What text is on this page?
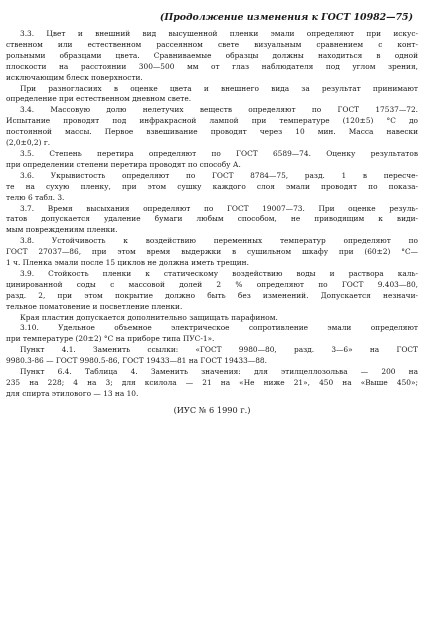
(Продолжение изменения к ГОСТ 10982—75)
3.3. Цвет и внешний вид высушенной пленки эмали определяют при искус-
ственном или естественном рассеянном свете визуальным сравнением с конт-
рольными образцами цвета. Сравниваемые образцы должны находиться в одной
плоскости на расстоянии 300—500 мм от глаз наблюдателя под углом зрения,
исключающим блеск поверхности.
При разногласиях в оценке цвета и внешнего вида за результат принимают
определение при естественном дневном свете.
3.4. Массовую долю нелетучих веществ определяют по ГОСТ 17537—72.
Испытание проводят под инфракрасной лампой при температуре (120±5) °С до
постоянной массы. Первое взвешивание проводят через 10 мин. Масса навески
(2,0±0,2) г.
3.5. Степень перетира определяют по ГОСТ 6589—74. Оценку результатов
при определении степени перетира проводят по способу А.
3.6. Укрывистость определяют по ГОСТ 8784—75, разд. 1 в пересче-
те на сухую пленку, при этом сушку каждого слоя эмали проводят по показа-
телю 6 табл. 3.
3.7. Время высыхания определяют по ГОСТ 19007—73. При оценке резуль-
татов допускается удаление бумаги любым способом, не приводящим к види-
мым повреждениям пленки.
3.8. Устойчивость к воздействию переменных температур определяют по
ГОСТ 27037—86, при этом время выдержки в сушильном шкафу при (60±2) °С—
1 ч. Пленка эмали после 15 циклов не должна иметь трещин.
3.9. Стойкость пленки к статическому воздействию воды и раствора каль-
цинированной соды с массовой долей 2 % определяют по ГОСТ 9.403—80,
разд. 2, при этом покрытие должно быть без изменений. Допускается незначи-
тельное поматовение и посветление пленки.
Края пластин допускается дополнительно защищать парафином.
3.10. Удельное объемное электрическое сопротивление эмали определяют
при температуре (20±2) °С на приборе типа ПУС-1».
Пункт 4.1. Заменить ссылки: «ГОСТ 9980—80, разд. 3—6» на ГОСТ
9980.3-86 — ГОСТ 9980.5-86, ГОСТ 19433—81 на ГОСТ 19433—88.
Пункт 6.4. Таблица 4. Заменить значения: для этилцеллозольва — 200 на
235 на 228; 4 на 3; для ксилола — 21 на «Не ниже 21», 450 на «Выше 450»;
для спирта этилового — 13 на 10.
(ИУС № 6 1990 г.)
